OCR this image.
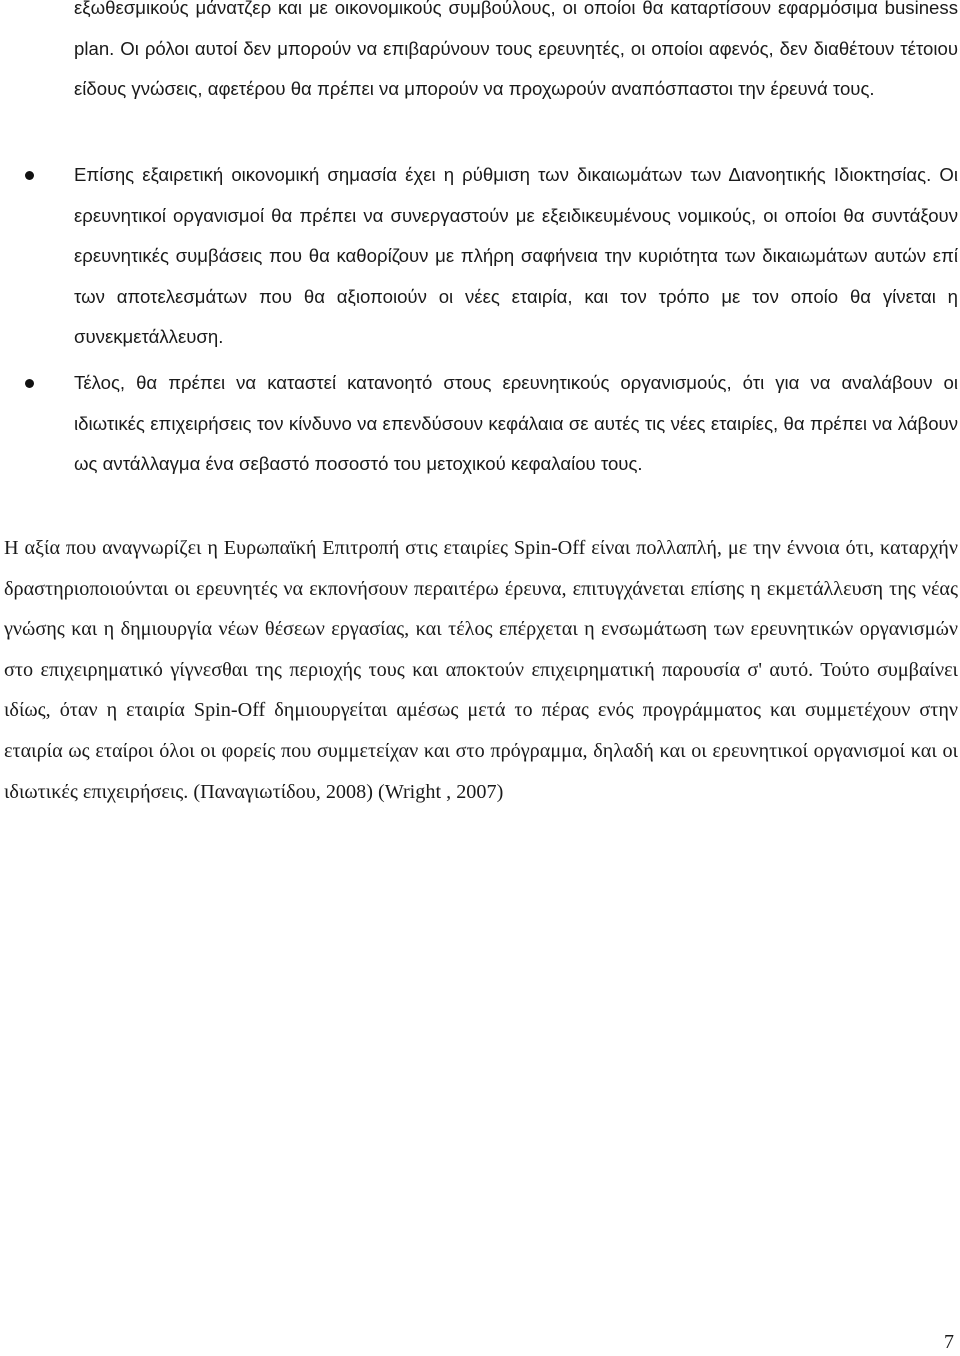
εξωθεσμικούς μάνατζερ και με οικονομικούς συμβούλους, οι οποίοι θα καταρτίσουν εφαρμόσιμα business plan. Οι ρόλοι αυτοί δεν μπορούν να επιβαρύνουν τους ερευνητές, οι οποίοι αφενός, δεν διαθέτουν τέτοιου είδους γνώσεις, αφετέρου θα πρέπει να μπορούν να προχωρούν αναπόσπαστοι την έρευνά τους.

Επίσης εξαιρετική οικονομική σημασία έχει η ρύθμιση των δικαιωμάτων των Διανοητικής Ιδιοκτησίας. Οι ερευνητικοί οργανισμοί θα πρέπει να συνεργαστούν με εξειδικευμένους νομικούς, οι οποίοι θα συντάξουν ερευνητικές συμβάσεις που θα καθορίζουν με πλήρη σαφήνεια την κυριότητα των δικαιωμάτων αυτών επί των αποτελεσμάτων που θα αξιοποιούν οι νέες εταιρία, και τον τρόπο με τον οποίο θα γίνεται η συνεκμετάλλευση.

Τέλος, θα πρέπει να καταστεί κατανοητό στους ερευνητικούς οργανισμούς, ότι για να αναλάβουν οι ιδιωτικές επιχειρήσεις τον κίνδυνο να επενδύσουν κεφάλαια σε αυτές τις νέες εταιρίες, θα πρέπει να λάβουν ως αντάλλαγμα ένα σεβαστό ποσοστό του μετοχικού κεφαλαίου τους.

Η αξία που αναγνωρίζει η Ευρωπαϊκή Επιτροπή στις εταιρίες Spin-Off είναι πολλαπλή, με την έννοια ότι, καταρχήν δραστηριοποιούνται οι ερευνητές να εκπονήσουν περαιτέρω έρευνα, επιτυγχάνεται επίσης η εκμετάλλευση της νέας γνώσης και η δημιουργία νέων θέσεων εργασίας, και τέλος επέρχεται η ενσωμάτωση των ερευνητικών οργανισμών στο επιχειρηματικό γίγνεσθαι της περιοχής τους και αποκτούν επιχειρηματική παρουσία σ' αυτό. Τούτο συμβαίνει ιδίως, όταν η εταιρία Spin-Off δημιουργείται αμέσως μετά το πέρας ενός προγράμματος και συμμετέχουν στην εταιρία ως εταίροι όλοι οι φορείς που συμμετείχαν και στο πρόγραμμα, δηλαδή και οι ερευνητικοί οργανισμοί και οι ιδιωτικές επιχειρήσεις. (Παναγιωτίδου, 2008) (Wright , 2007)

7
